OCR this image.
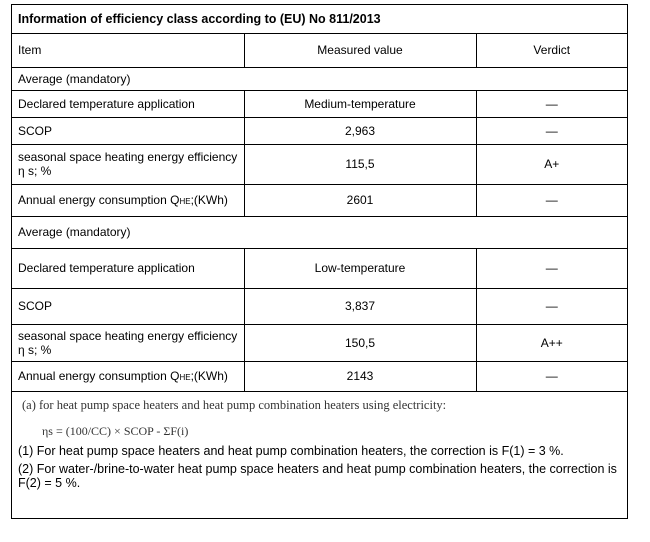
Information of efficiency class according to (EU) No 811/2013		
Item	Measured value	Verdict
Average (mandatory)		
Declared temperature application	Medium-temperature	—
SCOP	2,963	—

seasonal space heating energy efficiency
η s; %	115,5	A+
Annual energy consumption QHE;(KWh)	2601	—
Average (mandatory)		
Declared temperature application	Low-temperature	—
SCOP	3,837	—

seasonal space heating energy efficiency
η s; %	150,5	A++
Annual energy consumption QHE;(KWh)	2143	—
(a) for heat pump space heaters and heat pump combination heaters using electricity:
ηs = (100/CC) × SCOP - ΣF(i)
(1) For heat pump space heaters and heat pump combination heaters, the correction is F(1) = 3 %.
(2) For water-/brine-to-water heat pump space heaters and heat pump combination heaters, the correction is F(2) = 5 %.
